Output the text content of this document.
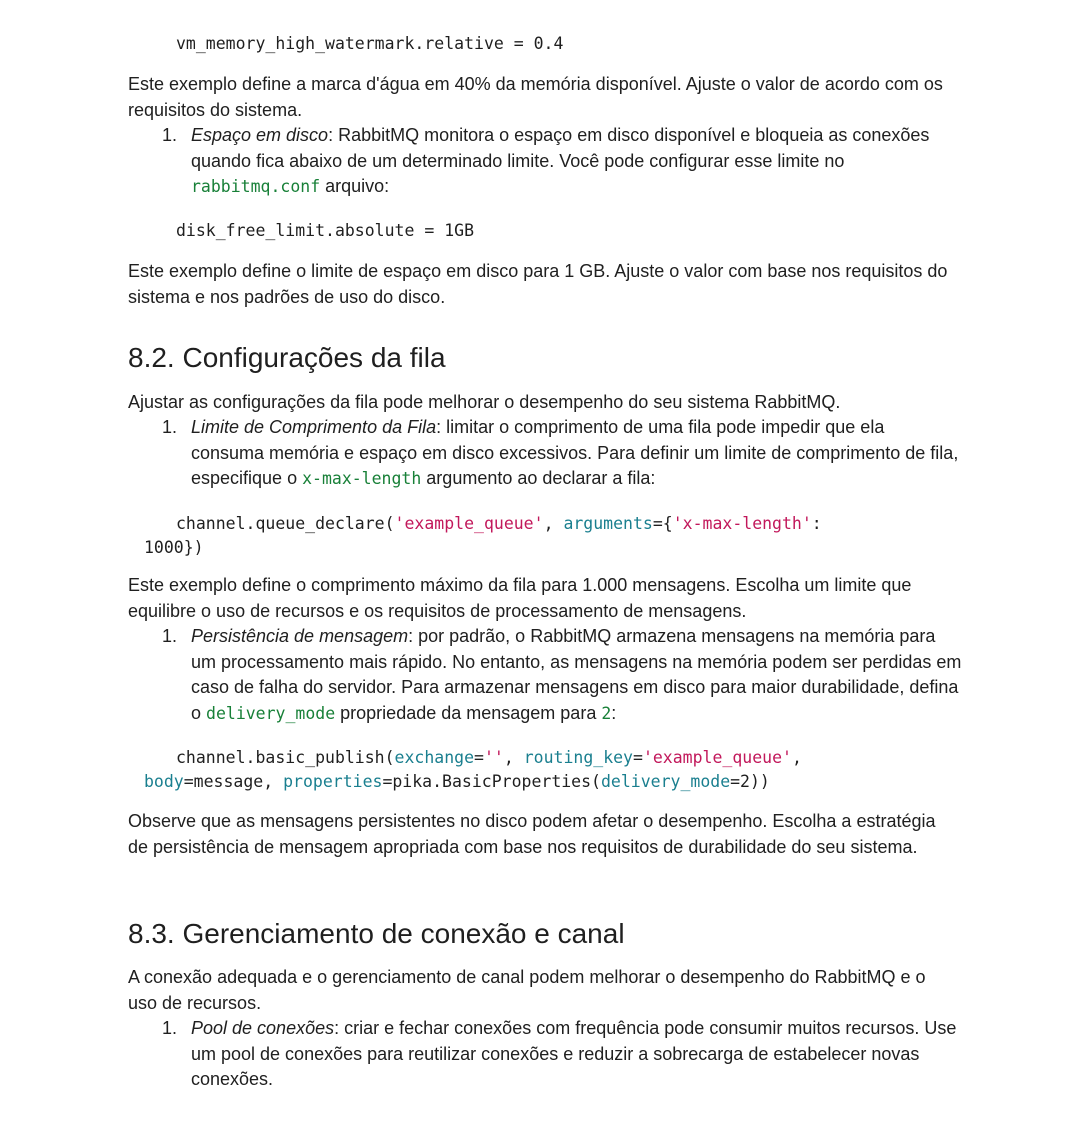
vm_memory_high_watermark.relative = 0.4

Este exemplo define a marca d'água em 40% da memória disponível. Ajuste o valor de acordo com os requisitos do sistema.

1. Espaço em disco: RabbitMQ monitora o espaço em disco disponível e bloqueia as conexões quando fica abaixo de um determinado limite. Você pode configurar esse limite no rabbitmq.conf arquivo:
disk_free_limit.absolute = 1GB

Este exemplo define o limite de espaço em disco para 1 GB. Ajuste o valor com base nos requisitos do sistema e nos padrões de uso do disco.

8.2. Configurações da fila

Ajustar as configurações da fila pode melhorar o desempenho do seu sistema RabbitMQ.

1. Limite de Comprimento da Fila: limitar o comprimento de uma fila pode impedir que ela consuma memória e espaço em disco excessivos. Para definir um limite de comprimento de fila, especifique o x-max-length argumento ao declarar a fila:
channel.queue_declare('example_queue', arguments={'x-max-length':
1000})

Este exemplo define o comprimento máximo da fila para 1.000 mensagens. Escolha um limite que equilibre o uso de recursos e os requisitos de processamento de mensagens.

1. Persistência de mensagem: por padrão, o RabbitMQ armazena mensagens na memória para um processamento mais rápido. No entanto, as mensagens na memória podem ser perdidas em caso de falha do servidor. Para armazenar mensagens em disco para maior durabilidade, defina o delivery_mode propriedade da mensagem para 2:
channel.basic_publish(exchange='', routing_key='example_queue',
body=message, properties=pika.BasicProperties(delivery_mode=2))

Observe que as mensagens persistentes no disco podem afetar o desempenho. Escolha a estratégia de persistência de mensagem apropriada com base nos requisitos de durabilidade do seu sistema.

8.3. Gerenciamento de conexão e canal

A conexão adequada e o gerenciamento de canal podem melhorar o desempenho do RabbitMQ e o uso de recursos.

1. Pool de conexões: criar e fechar conexões com frequência pode consumir muitos recursos. Use um pool de conexões para reutilizar conexões e reduzir a sobrecarga de estabelecer novas conexões.
